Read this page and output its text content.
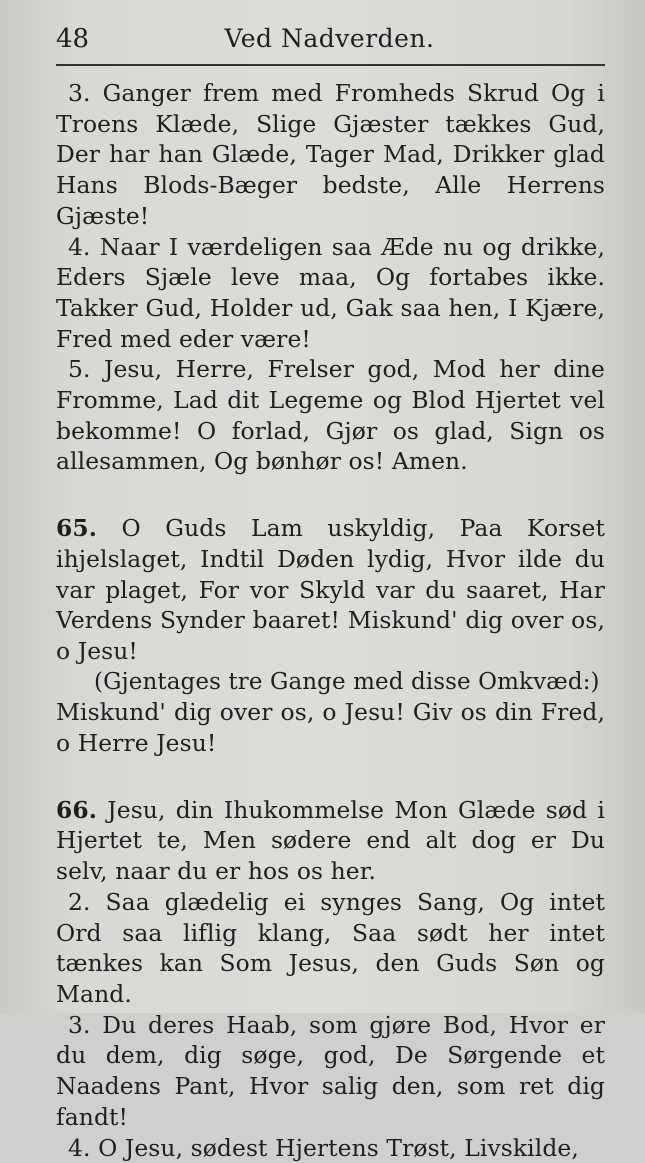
48	Ved Nadverden.

3. Ganger frem med Fromheds Skrud Og i Troens Klæde, Slige Gjæster tækkes Gud, Der har han Glæde, Tager Mad, Drikker glad Hans Blods-Bæger bedste, Alle Herrens Gjæste!

4. Naar I værdeligen saa Æde nu og drikke, Eders Sjæle leve maa, Og fortabes ikke. Takker Gud, Holder ud, Gak saa hen, I Kjære, Fred med eder være!

5. Jesu, Herre, Frelser god, Mod her dine Fromme, Lad dit Legeme og Blod Hjertet vel bekomme! O forlad, Gjør os glad, Sign os allesammen, Og bønhør os! Amen.

65. O Guds Lam uskyldig, Paa Korset ihjelslaget, Indtil Døden lydig, Hvor ilde du var plaget, For vor Skyld var du saaret, Har Verdens Synder baaret! Miskund' dig over os, o Jesu!

(Gjentages tre Gange med disse Omkvæd:)

Miskund' dig over os, o Jesu! Giv os din Fred, o Herre Jesu!

66. Jesu, din Ihukommelse Mon Glæde sød i Hjertet te, Men sødere end alt dog er Du selv, naar du er hos os her.

2. Saa glædelig ei synges Sang, Og intet Ord saa liflig klang, Saa sødt her intet tænkes kan Som Jesus, den Guds Søn og Mand.

3. Du deres Haab, som gjøre Bod, Hvor er du dem, dig søge, god, De Sørgende et Naadens Pant, Hvor salig den, som ret dig fandt!

4. O Jesu, sødest Hjertens Trøst, Livskilde,
